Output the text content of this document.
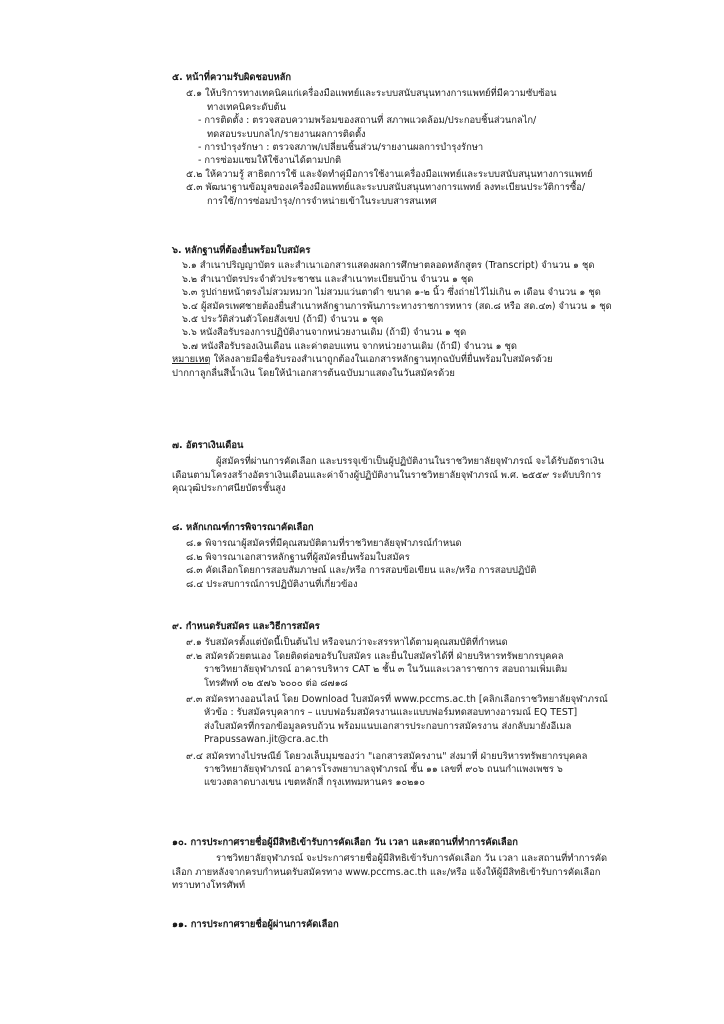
๕. หน้าที่ความรับผิดชอบหลัก
๕.๑ ให้บริการทางเทคนิคแก่เครื่องมือแพทย์และระบบสนับสนุนทางการแพทย์ที่มีความซับซ้อน
ทางเทคนิคระดับต้น
- การติดตั้ง : ตรวจสอบความพร้อมของสถานที่ สภาพแวดล้อม/ประกอบชิ้นส่วนกลไก/
ทดสอบระบบกลไก/รายงานผลการติดตั้ง
- การบำรุงรักษา : ตรวจสภาพ/เปลี่ยนชิ้นส่วน/รายงานผลการบำรุงรักษา
- การซ่อมแซมให้ใช้งานได้ตามปกติ
๕.๒ ให้ความรู้ สาธิตการใช้ และจัดทำคู่มือการใช้งานเครื่องมือแพทย์และระบบสนับสนุนทางการแพทย์
๕.๓ พัฒนาฐานข้อมูลของเครื่องมือแพทย์และระบบสนับสนุนทางการแพทย์ ลงทะเบียนประวัติการซื้อ/
การใช้/การซ่อมบำรุง/การจำหน่ายเข้าในระบบสารสนเทศ
๖. หลักฐานที่ต้องยื่นพร้อมใบสมัคร
๖.๑ สำเนาปริญญาบัตร และสำเนาเอกสารแสดงผลการศึกษาตลอดหลักสูตร (Transcript) จำนวน ๑ ชุด
๖.๒ สำเนาบัตรประจำตัวประชาชน และสำเนาทะเบียนบ้าน จำนวน ๑ ชุด
๖.๓ รูปถ่ายหน้าตรงไม่สวมหมวก ไม่สวมแว่นตาดำ ขนาด ๑-๒ นิ้ว ซึ่งถ่ายไว้ไม่เกิน ๓ เดือน จำนวน ๑ ชุด
๖.๔ ผู้สมัครเพศชายต้องยื่นสำเนาหลักฐานการพ้นภาระทางราชการทหาร (สด.๘ หรือ สด.๔๓) จำนวน ๑ ชุด
๖.๕ ประวัติส่วนตัวโดยสังเขป (ถ้ามี) จำนวน ๑ ชุด
๖.๖ หนังสือรับรองการปฏิบัติงานจากหน่วยงานเดิม (ถ้ามี) จำนวน ๑ ชุด
๖.๗ หนังสือรับรองเงินเดือน และค่าตอบแทน จากหน่วยงานเดิม (ถ้ามี) จำนวน ๑ ชุด
หมายเหตุ ให้ลงลายมือชื่อรับรองสำเนาถูกต้องในเอกสารหลักฐานทุกฉบับที่ยื่นพร้อมใบสมัครด้วย
ปากกาลูกลื่นสีน้ำเงิน โดยให้นำเอกสารต้นฉบับมาแสดงในวันสมัครด้วย
๗. อัตราเงินเดือน
ผู้สมัครที่ผ่านการคัดเลือก และบรรจุเข้าเป็นผู้ปฏิบัติงานในราชวิทยาลัยจุฬาภรณ์ จะได้รับอัตราเงิน
เดือนตามโครงสร้างอัตราเงินเดือนและค่าจ้างผู้ปฏิบัติงานในราชวิทยาลัยจุฬาภรณ์ พ.ศ. ๒๕๕๙ ระดับบริการ
คุณวุฒิประกาศนียบัตรชั้นสูง
๘. หลักเกณฑ์การพิจารณาคัดเลือก
๘.๑ พิจารณาผู้สมัครที่มีคุณสมบัติตามที่ราชวิทยาลัยจุฬาภรณ์กำหนด
๘.๒ พิจารณาเอกสารหลักฐานที่ผู้สมัครยื่นพร้อมใบสมัคร
๘.๓ คัดเลือกโดยการสอบสัมภาษณ์ และ/หรือ การสอบข้อเขียน และ/หรือ การสอบปฏิบัติ
๘.๔ ประสบการณ์การปฏิบัติงานที่เกี่ยวข้อง
๙. กำหนดรับสมัคร และวิธีการสมัคร
๙.๑ รับสมัครตั้งแต่บัดนี้เป็นต้นไป หรือจนกว่าจะสรรหาได้ตามคุณสมบัติที่กำหนด
๙.๒ สมัครด้วยตนเอง โดยติดต่อขอรับใบสมัคร และยื่นใบสมัครได้ที่ ฝ่ายบริหารทรัพยากรบุคคล
ราชวิทยาลัยจุฬาภรณ์ อาคารบริหาร CAT ๒ ชั้น ๓ ในวันและเวลาราชการ สอบถามเพิ่มเติม
โทรศัพท์ ๐๒ ๕๗๖ ๖๐๐๐ ต่อ ๘๗๑๘
๙.๓ สมัครทางออนไลน์ โดย Download ใบสมัครที่ www.pccms.ac.th [คลิกเลือกราชวิทยาลัยจุฬาภรณ์
หัวข้อ : รับสมัครบุคลากร – แบบฟอร์มสมัครงานและแบบฟอร์มทดสอบทางอารมณ์ EQ TEST]
ส่งใบสมัครที่กรอกข้อมูลครบถ้วน พร้อมแนบเอกสารประกอบการสมัครงาน ส่งกลับมายังอีเมล
Prapussawan.jit@cra.ac.th
๙.๔ สมัครทางไปรษณีย์ โดยวงเล็บมุมซองว่า "เอกสารสมัครงาน" ส่งมาที่ ฝ่ายบริหารทรัพยากรบุคคล
ราชวิทยาลัยจุฬาภรณ์ อาคารโรงพยาบาลจุฬาภรณ์ ชั้น ๑๑ เลขที่ ๙๐๖ ถนนกำแพงเพชร ๖
แขวงตลาดบางเขน เขตหลักสี่ กรุงเทพมหานคร ๑๐๒๑๐
๑๐. การประกาศรายชื่อผู้มีสิทธิเข้ารับการคัดเลือก วัน เวลา และสถานที่ทำการคัดเลือก
ราชวิทยาลัยจุฬาภรณ์ จะประกาศรายชื่อผู้มีสิทธิเข้ารับการคัดเลือก วัน เวลา และสถานที่ทำการคัด
เลือก ภายหลังจากครบกำหนดรับสมัครทาง www.pccms.ac.th และ/หรือ แจ้งให้ผู้มีสิทธิเข้ารับการคัดเลือก
ทราบทางโทรศัพท์
๑๑. การประกาศรายชื่อผู้ผ่านการคัดเลือก
